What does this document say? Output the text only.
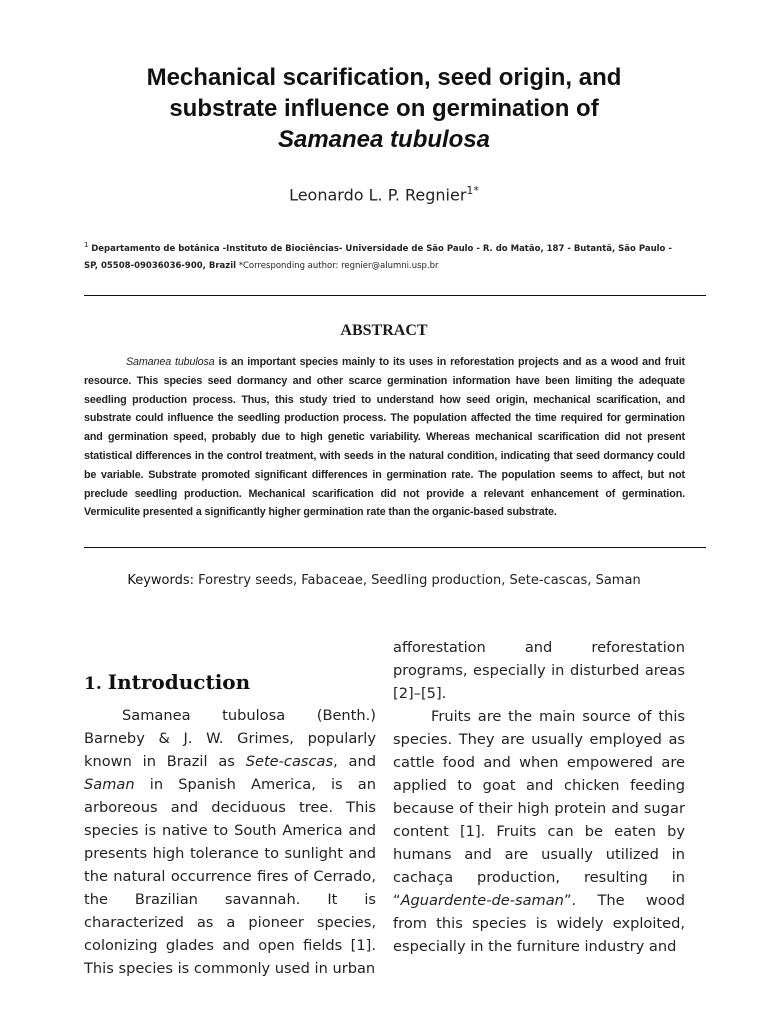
Mechanical scarification, seed origin, and
substrate influence on germination of
Samanea tubulosa
Leonardo L. P. Regnier$^{1*}$
$^1$ Departamento de botânica -Instituto de Biociências- Universidade de São Paulo - R. do Matão, 187 - Butantã, São Paulo - SP, 05508-09036036-900, Brazil *Corresponding author: regnier@alumni.usp.br
ABSTRACT
Samanea tubulosa is an important species mainly to its uses in reforestation projects and as a wood and fruit resource. This species seed dormancy and other scarce germination information have been limiting the adequate seedling production process. Thus, this study tried to understand how seed origin, mechanical scarification, and substrate could influence the seedling production process. The population affected the time required for germination and germination speed, probably due to high genetic variability. Whereas mechanical scarification did not present statistical differences in the control treatment, with seeds in the natural condition, indicating that seed dormancy could be variable. Substrate promoted significant differences in germination rate. The population seems to affect, but not preclude seedling production. Mechanical scarification did not provide a relevant enhancement of germination. Vermiculite presented a significantly higher germination rate than the organic-based substrate.
Keywords: Forestry seeds, Fabaceae, Seedling production, Sete-cascas, Saman
1. Introduction

Samanea tubulosa (Benth.) Barneby & J. W. Grimes, popularly known in Brazil as Sete-cascas, and Saman in Spanish America, is an arboreous and deciduous tree. This species is native to South America and presents high tolerance to sunlight and the natural occurrence fires of Cerrado, the Brazilian savannah. It is characterized as a pioneer species, colonizing glades and open fields [1]. This species is commonly used in urban

afforestation and reforestation programs, especially in disturbed areas [2]–[5].

Fruits are the main source of this species. They are usually employed as cattle food and when empowered are applied to goat and chicken feeding because of their high protein and sugar content [1]. Fruits can be eaten by humans and are usually utilized in cachaça production, resulting in “Aguardente-de-saman”. The wood from this species is widely exploited, especially in the furniture industry and
